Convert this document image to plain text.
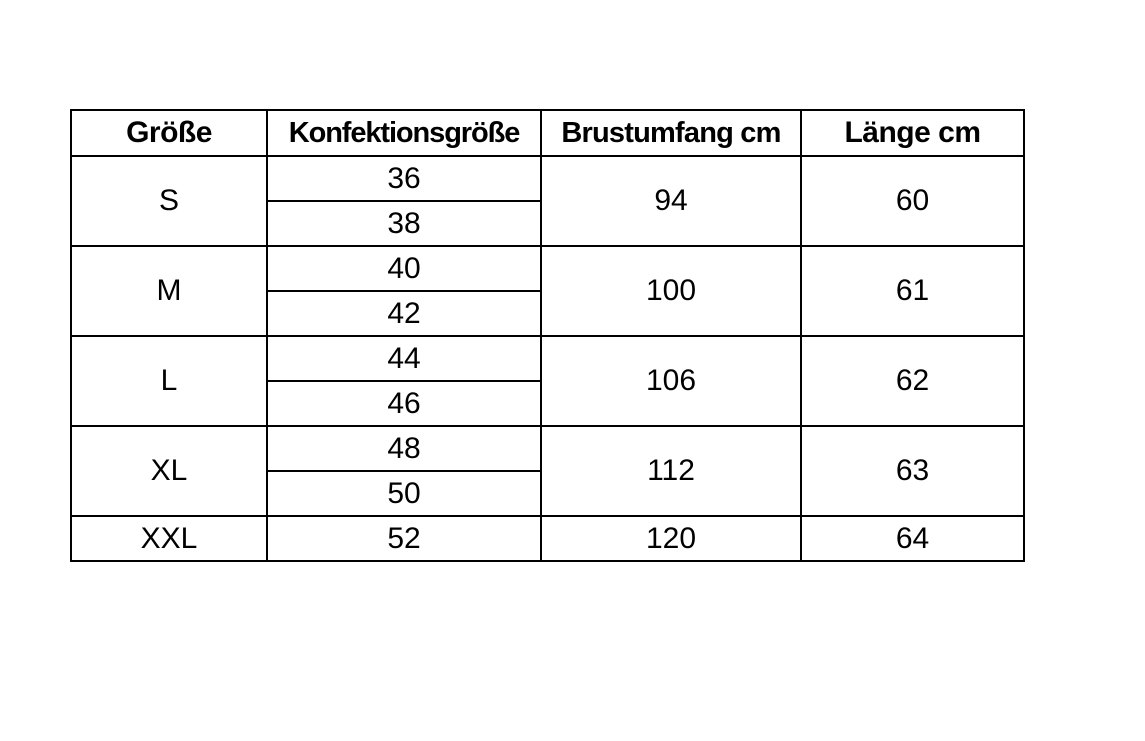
Größe	Konfektionsgröße	Brustumfang cm	Länge cm
S	36	94	60
	38		
M	40	100	61
	42		
L	44	106	62
	46		
XL	48	112	63
	50		
XXL	52	120	64
